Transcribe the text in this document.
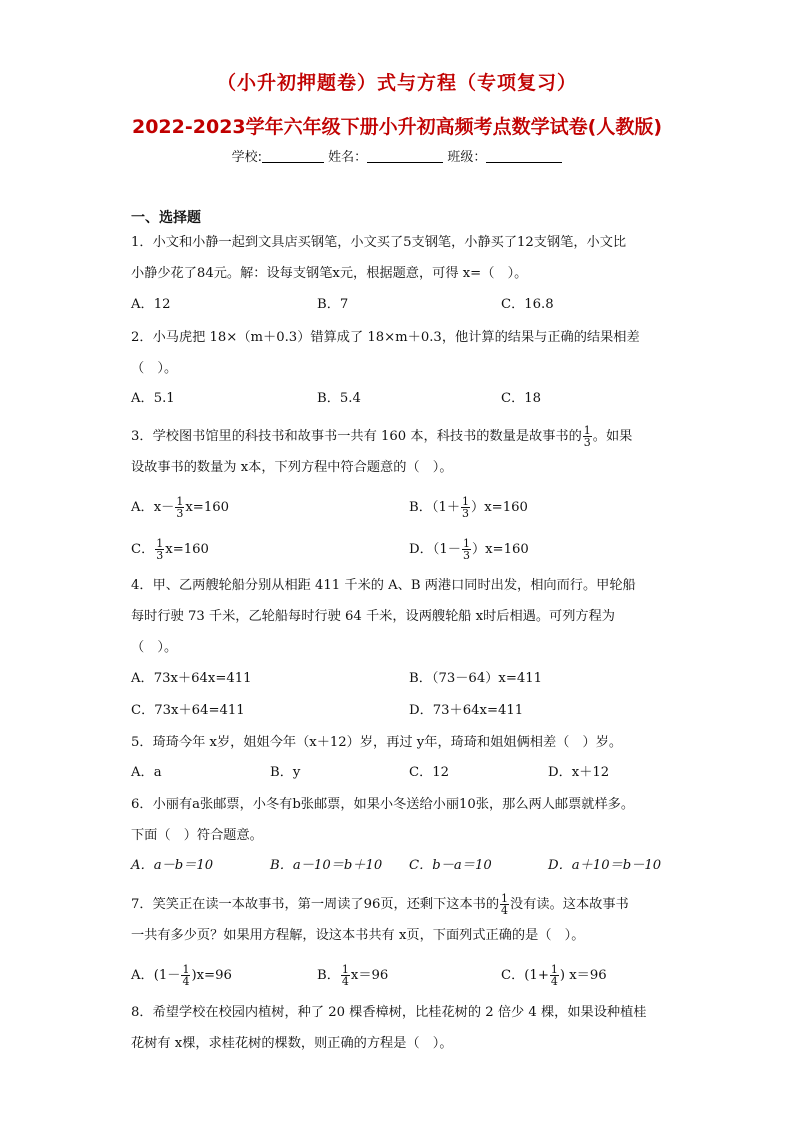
（小升初押题卷）式与方程（专项复习）
2022-2023学年六年级下册小升初高频考点数学试卷(人教版)
学校:	姓名：	班级：
一、选择题
1．小文和小静一起到文具店买钢笔，小文买了5支钢笔，小静买了12支钢笔，小文比
小静少花了84元。解：设每支钢笔x元，根据题意，可得 x=（　）。
A．12	B．7	C．16.8
2．小马虎把 18×（m＋0.3）错算成了 18×m＋0.3，他计算的结果与正确的结果相差
（　）。
A．5.1	B．5.4	C．18
3．学校图书馆里的科技书和故事书一共有 160 本，科技书的数量是故事书的 $\frac{1}{3}$ 。如果
设故事书的数量为 x本，下列方程中符合题意的（　）。
A．$x- \frac{1}{3} x=160$	B．$(1+ \frac{1}{3} )x=160$
C． $\frac{1}{3} x=160$	D．$(1- \frac{1}{3} )x=160$
4．甲、乙两艘轮船分别从相距 411 千米的 A、B 两港口同时出发，相向而行。甲轮船
每时行驶 73 千米，乙轮船每时行驶 64 千米，设两艘轮船 x时后相遇。可列方程为
（　）。
A．73x＋64x=411	B．（73－64）x=411
C．73x＋64=411	D．73＋64x=411
5．琦琦今年 x岁，姐姐今年（x＋12）岁，再过 y年，琦琦和姐姐俩相差（　）岁。
A．a	B．y	C．12	D．x＋12
6．小丽有a张邮票，小冬有b张邮票，如果小冬送给小丽10张，那么两人邮票就样多。
下面（　）符合题意。
A．a－b＝10	B．a－10＝b＋10 C．b－a＝10	D．a＋10＝b－10
7．笑笑正在读一本故事书，第一周读了96页，还剩下这本书的 $\frac{1}{4}$ 没有读。这本故事书
一共有多少页？如果用方程解，设这本书共有 x页，下面列式正确的是（　）。
A．$(1- \frac{1}{4} )x=96$	B． $\frac{1}{4} x=96$	C．($1+ \frac{1}{4}$ ) x＝96
8．希望学校在校园内植树，种了 20 棵香樟树，比桂花树的 2 倍少 4 棵，如果设种植桂
花树有 x棵，求桂花树的棵数，则正确的方程是（　）。
